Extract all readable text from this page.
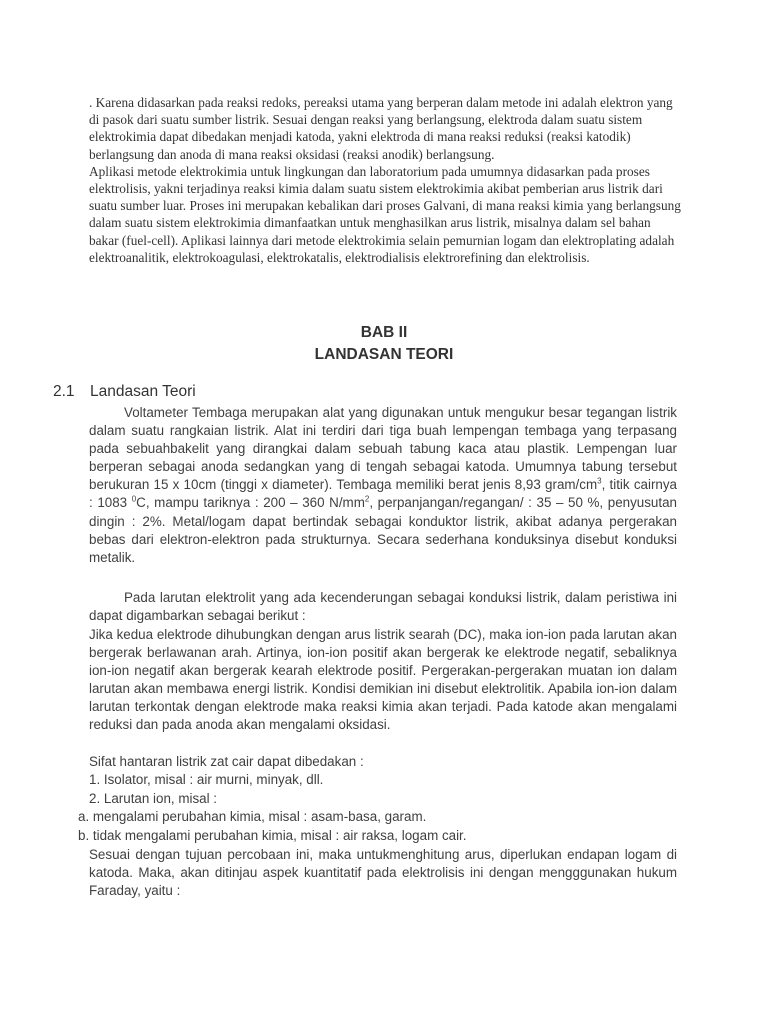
. Karena didasarkan pada reaksi redoks, pereaksi utama yang berperan dalam metode ini adalah elektron yang di pasok dari suatu sumber listrik. Sesuai dengan reaksi yang berlangsung, elektroda dalam suatu sistem elektrokimia dapat dibedakan menjadi katoda, yakni elektroda di mana reaksi reduksi (reaksi katodik) berlangsung dan anoda di mana reaksi oksidasi (reaksi anodik) berlangsung.

Aplikasi metode elektrokimia untuk lingkungan dan laboratorium pada umumnya didasarkan pada proses elektrolisis, yakni terjadinya reaksi kimia dalam suatu sistem elektrokimia akibat pemberian arus listrik dari suatu sumber luar. Proses ini merupakan kebalikan dari proses Galvani, di mana reaksi kimia yang berlangsung dalam suatu sistem elektrokimia dimanfaatkan untuk menghasilkan arus listrik, misalnya dalam sel bahan bakar (fuel-cell). Aplikasi lainnya dari metode elektrokimia selain pemurnian logam dan elektroplating adalah elektroanalitik, elektrokoagulasi, elektrokatalis, elektrodialisis elektrorefining dan elektrolisis.

BAB II
LANDASAN TEORI
2.1 Landasan Teori
Voltameter Tembaga merupakan alat yang digunakan untuk mengukur besar tegangan listrik dalam suatu rangkaian listrik. Alat ini terdiri dari tiga buah lempengan tembaga yang terpasang pada sebuahbakelit yang dirangkai dalam sebuah tabung kaca atau plastik. Lempengan luar berperan sebagai anoda sedangkan yang di tengah sebagai katoda. Umumnya tabung tersebut berukuran 15 x 10cm (tinggi x diameter). Tembaga memiliki berat jenis 8,93 gram/$cm^3$, titik cairnya : 1083 $^0$C, mampu tariknya : 200 – 360 $N/mm^2$, perpanjangan/regangan/ : 35 – 50 %, penyusutan dingin : 2%. Metal/logam dapat bertindak sebagai konduktor listrik, akibat adanya pergerakan bebas dari elektron-elektron pada strukturnya. Secara sederhana konduksinya disebut konduksi metalik.
Pada larutan elektrolit yang ada kecenderungan sebagai konduksi listrik, dalam peristiwa ini dapat digambarkan sebagai berikut :
Jika kedua elektrode dihubungkan dengan arus listrik searah (DC), maka ion-ion pada larutan akan bergerak berlawanan arah. Artinya, ion-ion positif akan bergerak ke elektrode negatif, sebaliknya ion-ion negatif akan bergerak kearah elektrode positif. Pergerakan-pergerakan muatan ion dalam larutan akan membawa energi listrik. Kondisi demikian ini disebut elektrolitik. Apabila ion-ion dalam larutan terkontak dengan elektrode maka reaksi kimia akan terjadi. Pada katode akan mengalami reduksi dan pada anoda akan mengalami oksidasi.
Sifat hantaran listrik zat cair dapat dibedakan :
1. Isolator, misal : air murni, minyak, dll.
2. Larutan ion, misal :
a. mengalami perubahan kimia, misal : asam-basa, garam.
b. tidak mengalami perubahan kimia, misal : air raksa, logam cair.
Sesuai dengan tujuan percobaan ini, maka untukmenghitung arus, diperlukan endapan logam di katoda. Maka, akan ditinjau aspek kuantitatif pada elektrolisis ini dengan mengggunakan hukum Faraday, yaitu :
